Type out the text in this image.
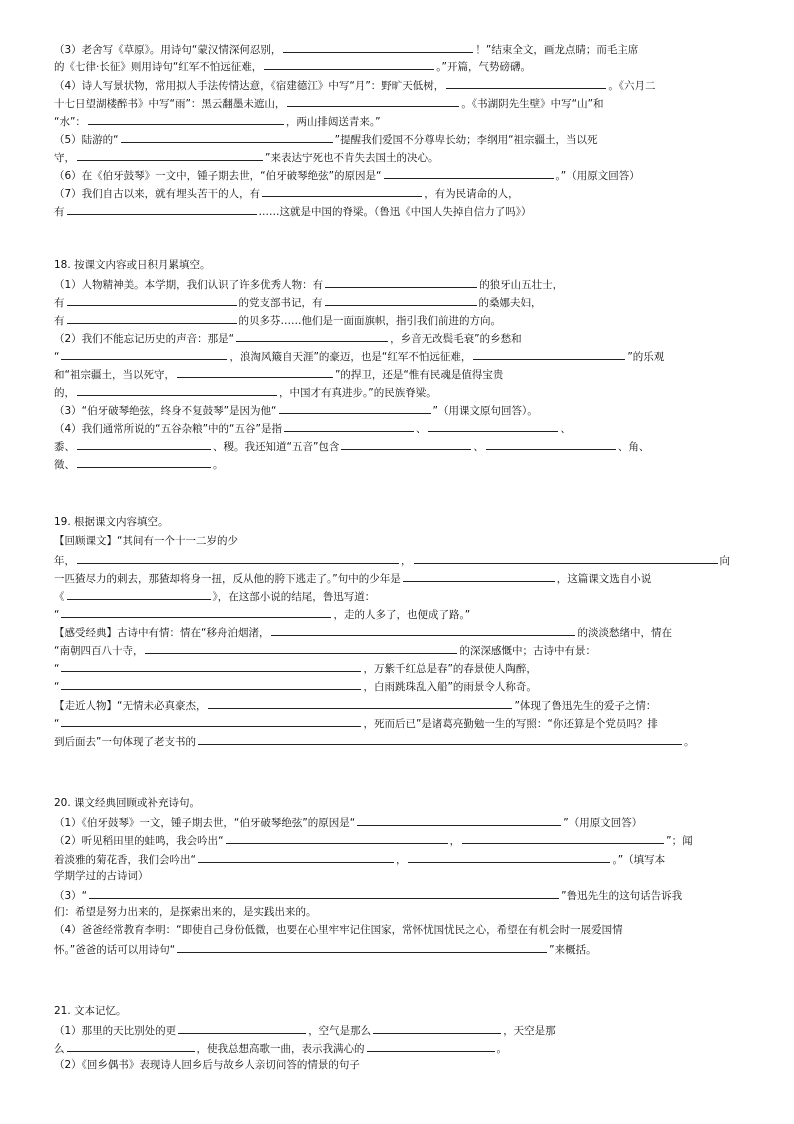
（3）老舍写《草原》。用诗句“蒙汉情深何忍别，	！”结束全文，画龙点睛；而毛主席
的《七律·长征》则用诗句“红军不怕远征难，	。”开篇，气势磅礴。
（4）诗人写景状物，常用拟人手法传情达意，《宿建德江》中写“月”：野旷天低树，	。《六月二
十七日望湖楼醉书》中写“雨”：黑云翻墨未遮山，	。《书湖阴先生壁》中写“山”和
“水”：	，两山排闼送青来。”
（5）陆游的“	”提醒我们爱国不分尊卑长幼；李纲用“祖宗疆土，当以死
守，	”来表达宁死也不肯失去国土的决心。
（6）在《伯牙鼓琴》一文中，锺子期去世，“伯牙破琴绝弦”的原因是“	。”（用原文回答）
（7）我们自古以来，就有埋头苦干的人，有	，有为民请命的人，
有	……这就是中国的脊梁。（鲁迅《中国人失掉自信力了吗》）
18. 按课文内容或日积月累填空。
（1）人物精神美。本学期，我们认识了许多优秀人物：有	的狼牙山五壮士，
有	的党支部书记，有	的桑娜夫妇，
有	的贝多芬……他们是一面面旗帜，指引我们前进的方向。
（2）我们不能忘记历史的声音：那是“	，乡音无改鬓毛衰”的乡愁和
“	，浪淘风簸自天涯”的豪迈，也是“红军不怕远征难，	”的乐观
和“祖宗疆土，当以死守，	”的捍卫，还是“惟有民魂是值得宝贵
的，	，中国才有真进步。”的民族脊梁。
（3）“伯牙破琴绝弦，终身不复鼓琴”是因为他“	”（用课文原句回答）。
（4）我们通常所说的“五谷杂粮”中的“五谷”是指	、	、
黍、	、稷。我还知道“五音”包含	、	、角、
徵、	。
19. 根据课文内容填空。
【回顾课文】“其间有一个十一二岁的少
年，	，	向
一匹猹尽力的刺去，那猹却将身一扭，反从他的胯下逃走了。”句中的少年是	，这篇课文选自小说
《	》，在这部小说的结尾，鲁迅写道：
“	，走的人多了，也便成了路。”
【感受经典】古诗中有情：情在“移舟泊烟渚，	的淡淡愁绪中，情在
“南朝四百八十寺，	的深深感慨中；古诗中有景：
“	，万紫千红总是春”的春景使人陶醉，
“	，白雨跳珠乱入船”的雨景令人称奇。
【走近人物】“无情未必真豪杰，	”体现了鲁迅先生的爱子之情：
“	，死而后已”是诸葛亮勤勉一生的写照：“你还算是个党员吗？排
到后面去”一句体现了老支书的	。
20. 课文经典回顾或补充诗句。
（1）《伯牙鼓琴》一文，锺子期去世，“伯牙破琴绝弦”的原因是“	”（用原文回答）
（2）听见稻田里的蛙鸣，我会吟出“	，	”；闻
着淡雅的菊花香，我们会吟出“	，	。”（填写本
学期学过的古诗词）
（3）“	”鲁迅先生的这句话告诉我
们：希望是努力出来的，是探索出来的，是实践出来的。
（4）爸爸经常教育李明：“即使自己身份低微，也要在心里牢牢记住国家，常怀忧国忧民之心，希望在有机会时一展爱国情
怀。”爸爸的话可以用诗句“	”来概括。
21. 文本记忆。
（1）那里的天比别处的更	，空气是那么	，天空是那
么	，使我总想高歌一曲，表示我满心的	。
（2）《回乡偶书》表现诗人回乡后与故乡人亲切问答的情景的句子
